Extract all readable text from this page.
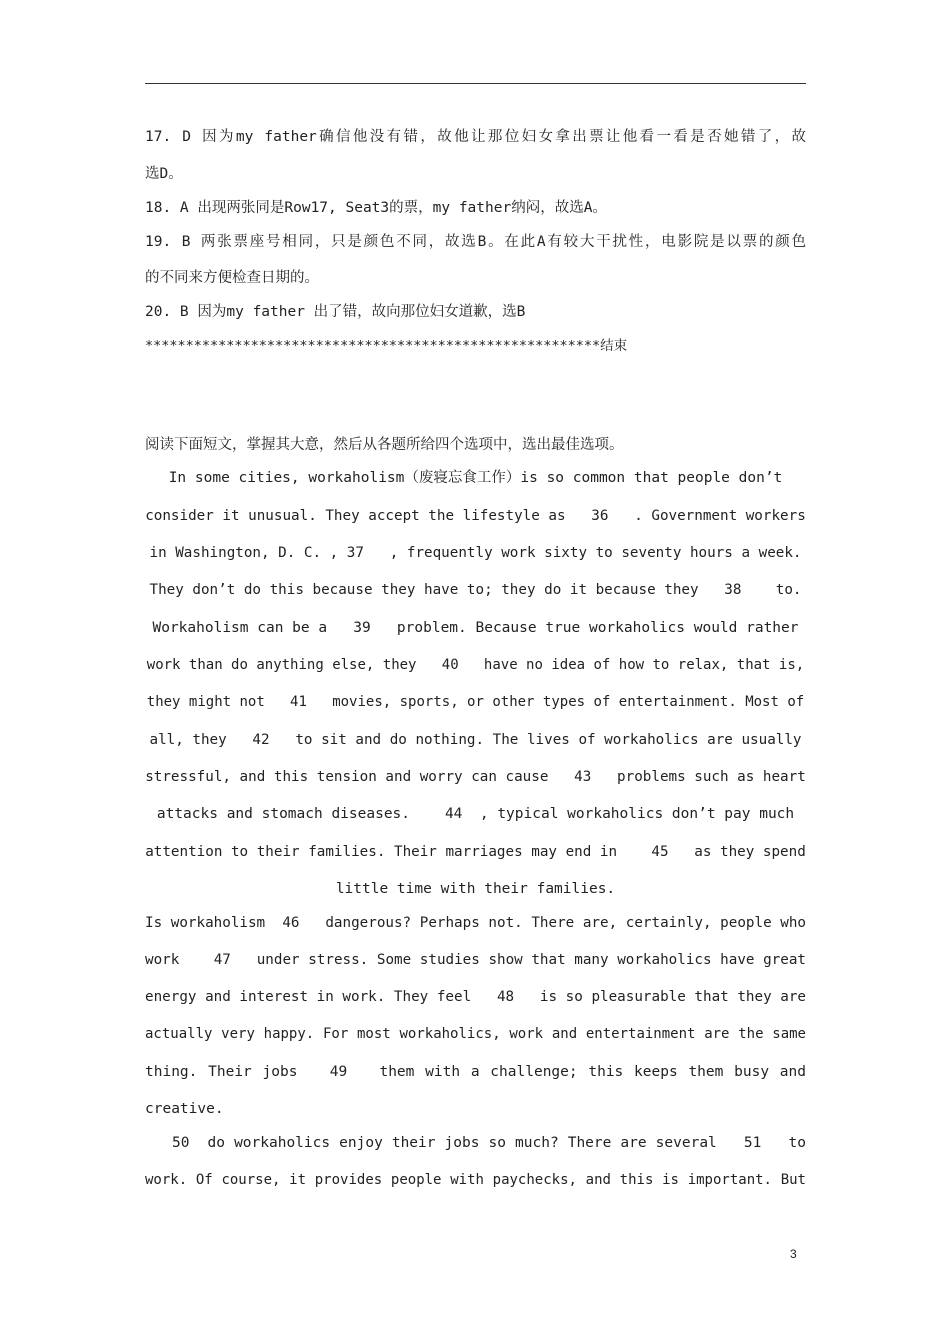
17. D 因为my father确信他没有错，故他让那位妇女拿出票让他看一看是否她错了，故
选D。
18. A 出现两张同是Row17, Seat3的票，my father纳闷，故选A。
19. B 两张票座号相同，只是颜色不同，故选B。在此A有较大干扰性，电影院是以票的颜色
的不同来方便检查日期的。
20. B 因为my father 出了错，故向那位妇女道歉，选B
********************************************************结束
阅读下面短文，掌握其大意，然后从各题所给四个选项中，选出最佳选项。
In some cities, workaholism（废寝忘食工作）is so common that people don’t
consider it unusual. They accept the lifestyle as   36   . Government workers
in Washington, D. C. , 37   , frequently work sixty to seventy hours a week.
They don’t do this because they have to; they do it because they   38    to.
Workaholism can be a   39   problem. Because true workaholics would rather
work than do anything else, they   40   have no idea of how to relax, that is,
they might not   41   movies, sports, or other types of entertainment. Most of
all, they   42   to sit and do nothing. The lives of workaholics are usually
stressful, and this tension and worry can cause   43   problems such as heart
attacks and stomach diseases.    44  , typical workaholics don’t pay much
attention to their families. Their marriages may end in    45   as they spend
little time with their families.
Is workaholism  46   dangerous? Perhaps not. There are, certainly, people who
work    47   under stress. Some studies show that many workaholics have great
energy and interest in work. They feel   48   is so pleasurable that they are
actually very happy. For most workaholics, work and entertainment are the same
thing. Their jobs   49   them with a challenge; this keeps them busy and
creative.
50  do workaholics enjoy their jobs so much? There are several   51   to
work. Of course, it provides people with paychecks, and this is important. But
3
